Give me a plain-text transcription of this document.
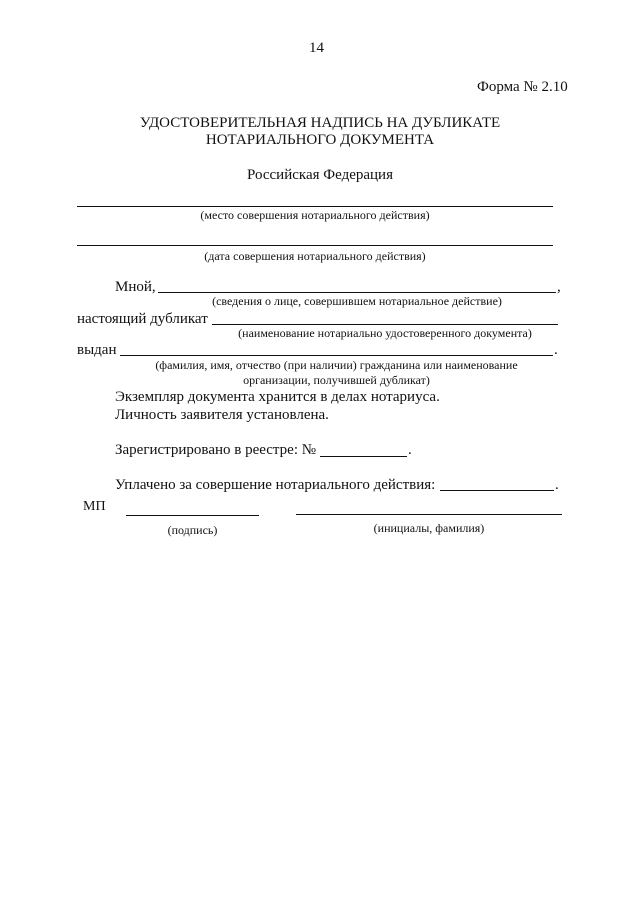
14
Форма № 2.10
УДОСТОВЕРИТЕЛЬНАЯ НАДПИСЬ НА ДУБЛИКАТЕ
НОТАРИАЛЬНОГО ДОКУМЕНТА
Российская Федерация
(место совершения нотариального действия)
(дата совершения нотариального действия)
Мной,	,
(сведения о лице, совершившем нотариальное действие)
настоящий дубликат
(наименование нотариально удостоверенного документа)
выдан	.
(фамилия, имя, отчество (при наличии) гражданина или наименование
организации, получившей дубликат)
Экземпляр документа хранится в делах нотариуса.
Личность заявителя установлена.
Зарегистрировано в реестре: №	.
Уплачено за совершение нотариального действия:	.
МП
(подпись)	(инициалы, фамилия)
